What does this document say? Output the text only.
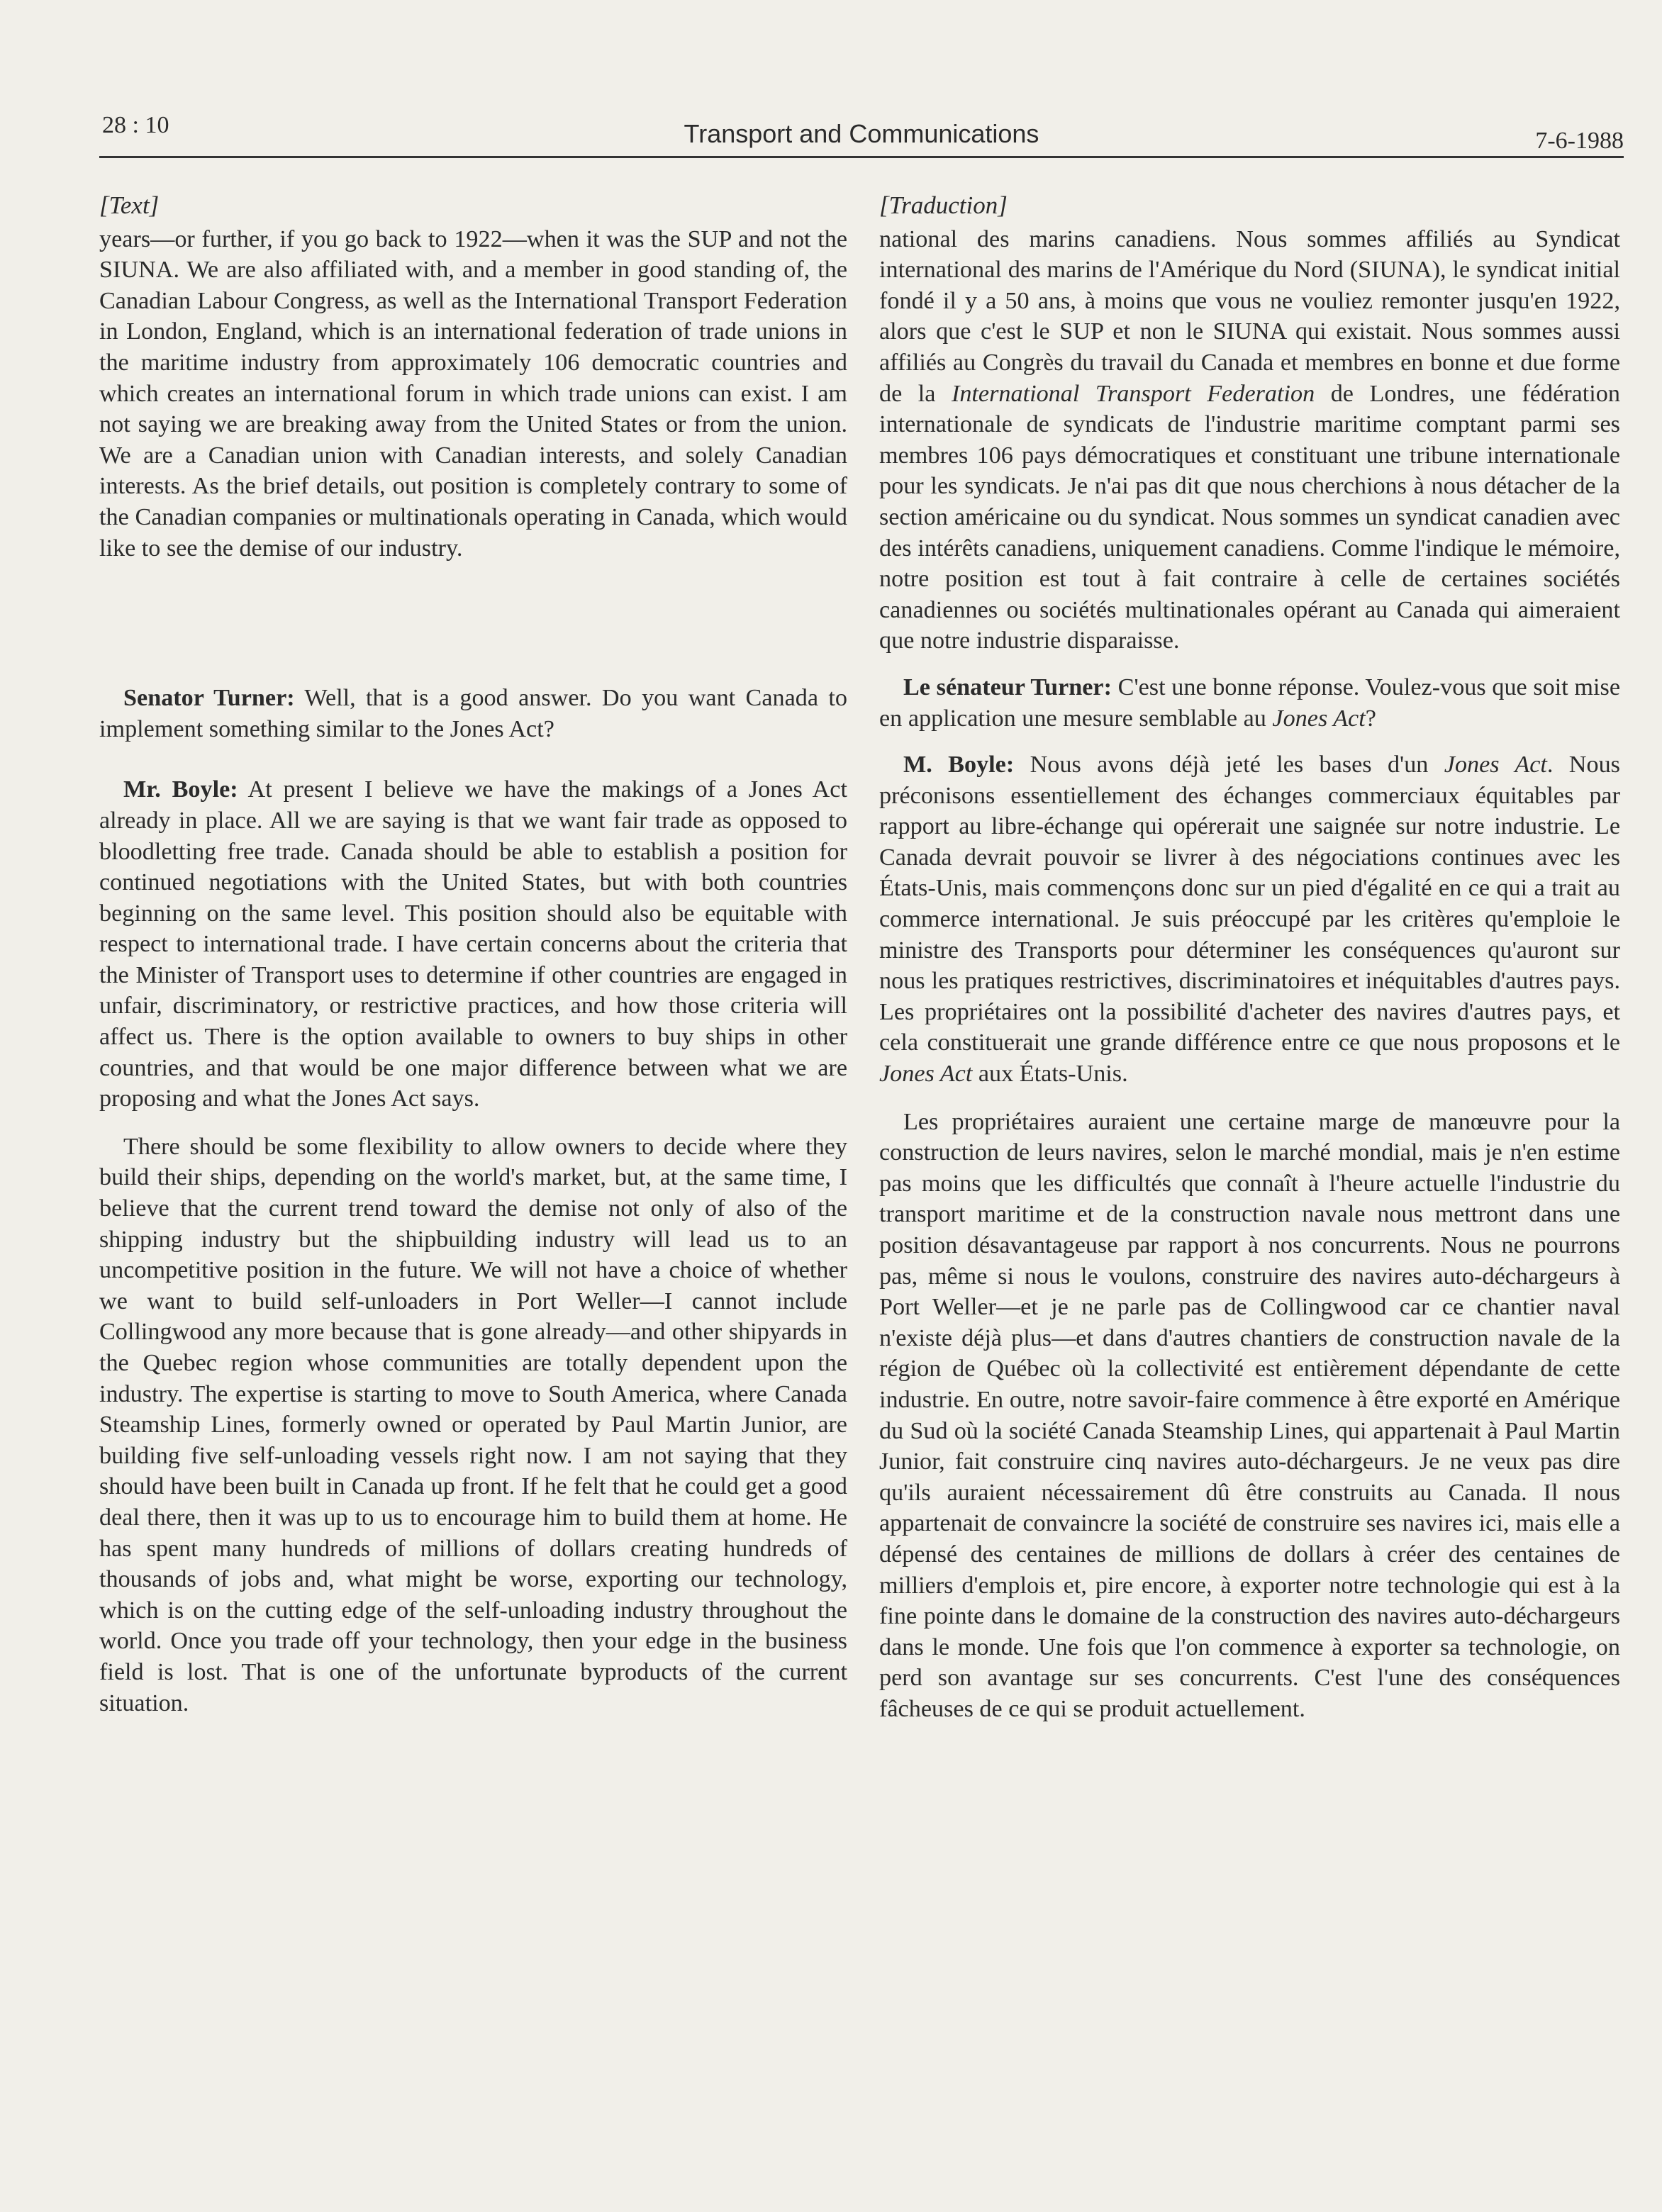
28 : 10	Transport and Communications	7-6-1988
[Text]

years—or further, if you go back to 1922—when it was the SUP and not the SIUNA. We are also affiliated with, and a member in good standing of, the Canadian Labour Congress, as well as the International Transport Federation in London, England, which is an international federation of trade unions in the maritime industry from approximately 106 democratic countries and which creates an international forum in which trade unions can exist. I am not saying we are breaking away from the United States or from the union. We are a Canadian union with Canadian interests, and solely Canadian interests. As the brief details, out position is completely contrary to some of the Canadian companies or multinationals operating in Canada, which would like to see the demise of our industry.

Senator Turner: Well, that is a good answer. Do you want Canada to implement something similar to the Jones Act?

Mr. Boyle: At present I believe we have the makings of a Jones Act already in place. All we are saying is that we want fair trade as opposed to bloodletting free trade. Canada should be able to establish a position for continued negotiations with the United States, but with both countries beginning on the same level. This position should also be equitable with respect to international trade. I have certain concerns about the criteria that the Minister of Transport uses to determine if other countries are engaged in unfair, discriminatory, or restrictive practices, and how those criteria will affect us. There is the option available to owners to buy ships in other countries, and that would be one major difference between what we are proposing and what the Jones Act says.

There should be some flexibility to allow owners to decide where they build their ships, depending on the world's market, but, at the same time, I believe that the current trend toward the demise not only of also of the shipping industry but the shipbuilding industry will lead us to an uncompetitive position in the future. We will not have a choice of whether we want to build self-unloaders in Port Weller—I cannot include Collingwood any more because that is gone already—and other shipyards in the Quebec region whose communities are totally dependent upon the industry. The expertise is starting to move to South America, where Canada Steamship Lines, formerly owned or operated by Paul Martin Junior, are building five self-unloading vessels right now. I am not saying that they should have been built in Canada up front. If he felt that he could get a good deal there, then it was up to us to encourage him to build them at home. He has spent many hundreds of millions of dollars creating hundreds of thousands of jobs and, what might be worse, exporting our technology, which is on the cutting edge of the self-unloading industry throughout the world. Once you trade off your technology, then your edge in the business field is lost. That is one of the unfortunate byproducts of the current situation.

[Traduction]

national des marins canadiens. Nous sommes affiliés au Syndicat international des marins de l'Amérique du Nord (SIUNA), le syndicat initial fondé il y a 50 ans, à moins que vous ne vouliez remonter jusqu'en 1922, alors que c'est le SUP et non le SIUNA qui existait. Nous sommes aussi affiliés au Congrès du travail du Canada et membres en bonne et due forme de la International Transport Federation de Londres, une fédération internationale de syndicats de l'industrie maritime comptant parmi ses membres 106 pays démocratiques et constituant une tribune internationale pour les syndicats. Je n'ai pas dit que nous cherchions à nous détacher de la section américaine ou du syndicat. Nous sommes un syndicat canadien avec des intérêts canadiens, uniquement canadiens. Comme l'indique le mémoire, notre position est tout à fait contraire à celle de certaines sociétés canadiennes ou sociétés multinationales opérant au Canada qui aimeraient que notre industrie disparaisse.

Le sénateur Turner: C'est une bonne réponse. Voulez-vous que soit mise en application une mesure semblable au Jones Act?

M. Boyle: Nous avons déjà jeté les bases d'un Jones Act. Nous préconisons essentiellement des échanges commerciaux équitables par rapport au libre-échange qui opérerait une saignée sur notre industrie. Le Canada devrait pouvoir se livrer à des négociations continues avec les États-Unis, mais commençons donc sur un pied d'égalité en ce qui a trait au commerce international. Je suis préoccupé par les critères qu'emploie le ministre des Transports pour déterminer les conséquences qu'auront sur nous les pratiques restrictives, discriminatoires et inéquitables d'autres pays. Les propriétaires ont la possibilité d'acheter des navires d'autres pays, et cela constituerait une grande différence entre ce que nous proposons et le Jones Act aux États-Unis.

Les propriétaires auraient une certaine marge de manœuvre pour la construction de leurs navires, selon le marché mondial, mais je n'en estime pas moins que les difficultés que connaît à l'heure actuelle l'industrie du transport maritime et de la construction navale nous mettront dans une position désavantageuse par rapport à nos concurrents. Nous ne pourrons pas, même si nous le voulons, construire des navires auto-déchargeurs à Port Weller—et je ne parle pas de Collingwood car ce chantier naval n'existe déjà plus—et dans d'autres chantiers de construction navale de la région de Québec où la collectivité est entièrement dépendante de cette industrie. En outre, notre savoir-faire commence à être exporté en Amérique du Sud où la société Canada Steamship Lines, qui appartenait à Paul Martin Junior, fait construire cinq navires auto-déchargeurs. Je ne veux pas dire qu'ils auraient nécessairement dû être construits au Canada. Il nous appartenait de convaincre la société de construire ses navires ici, mais elle a dépensé des centaines de millions de dollars à créer des centaines de milliers d'emplois et, pire encore, à exporter notre technologie qui est à la fine pointe dans le domaine de la construction des navires auto-déchargeurs dans le monde. Une fois que l'on commence à exporter sa technologie, on perd son avantage sur ses concurrents. C'est l'une des conséquences fâcheuses de ce qui se produit actuellement.
